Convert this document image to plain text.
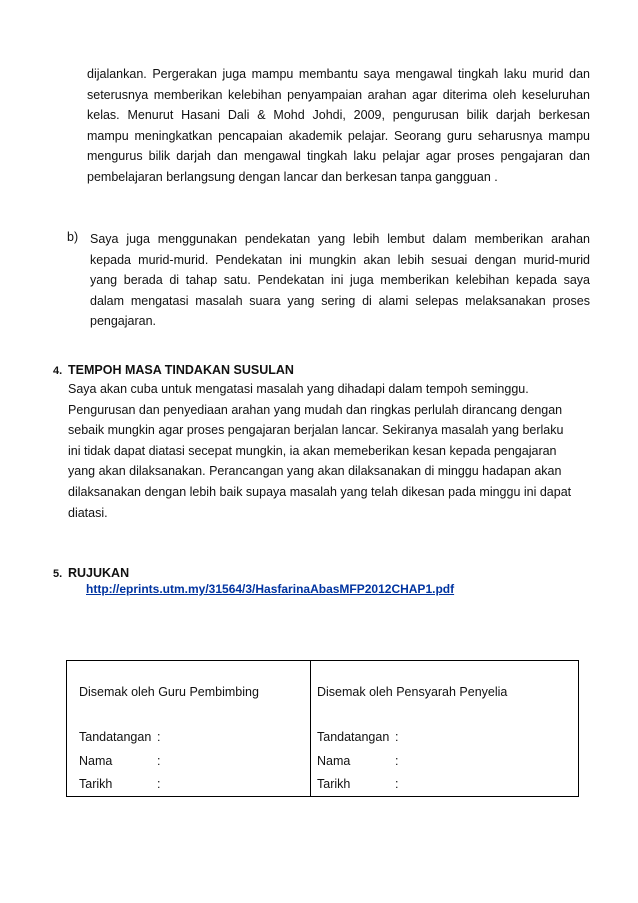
dijalankan. Pergerakan juga mampu membantu saya mengawal tingkah laku murid dan
seterusnya memberikan kelebihan penyampaian arahan agar diterima oleh keseluruhan
kelas. Menurut Hasani Dali & Mohd Johdi, 2009, pengurusan bilik darjah berkesan
mampu meningkatkan pencapaian akademik pelajar. Seorang guru seharusnya mampu
mengurus bilik darjah dan mengawal tingkah laku pelajar agar proses pengajaran dan
pembelajaran berlangsung dengan lancar dan berkesan tanpa gangguan .
b) Saya juga menggunakan pendekatan yang lebih lembut dalam memberikan arahan
kepada murid-murid. Pendekatan ini mungkin akan lebih sesuai dengan murid-murid
yang berada di tahap satu. Pendekatan ini juga memberikan kelebihan kepada saya
dalam mengatasi masalah suara yang sering di alami selepas melaksanakan proses
pengajaran.
4. TEMPOH MASA TINDAKAN SUSULAN
Saya akan cuba untuk mengatasi masalah yang dihadapi dalam tempoh seminggu.
Pengurusan dan penyediaan arahan yang mudah dan ringkas perlulah dirancang dengan
sebaik mungkin agar proses pengajaran berjalan lancar. Sekiranya masalah yang berlaku
ini tidak dapat diatasi secepat mungkin, ia akan memeberikan kesan kepada pengajaran
yang akan dilaksanakan. Perancangan yang akan dilaksanakan di minggu hadapan akan
dilaksanakan dengan lebih baik supaya masalah yang telah dikesan pada minggu ini dapat
diatasi.
5. RUJUKAN
http://eprints.utm.my/31564/3/HasfarinaAbasMFP2012CHAP1.pdf
Disemak oleh Guru Pembimbing
Tandatangan :
Nama	:
Tarikh	:
Disemak oleh Pensyarah Penyelia
Tandatangan :
Nama	:
Tarikh	:
